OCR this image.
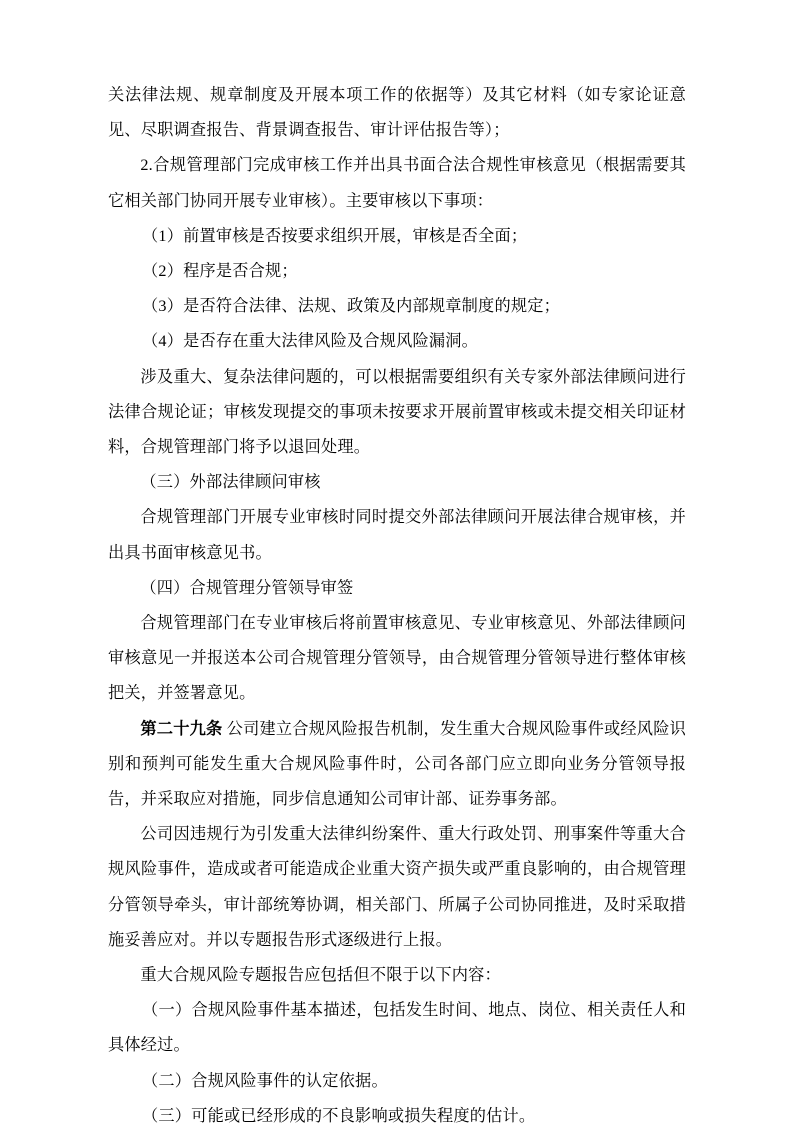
关法律法规、规章制度及开展本项工作的依据等）及其它材料（如专家论证意见、尽职调查报告、背景调查报告、审计评估报告等）；

2.合规管理部门完成审核工作并出具书面合法合规性审核意见（根据需要其它相关部门协同开展专业审核）。主要审核以下事项：

（1）前置审核是否按要求组织开展，审核是否全面；

（2）程序是否合规；

（3）是否符合法律、法规、政策及内部规章制度的规定；

（4）是否存在重大法律风险及合规风险漏洞。

涉及重大、复杂法律问题的，可以根据需要组织有关专家外部法律顾问进行法律合规论证；审核发现提交的事项未按要求开展前置审核或未提交相关印证材料，合规管理部门将予以退回处理。

（三）外部法律顾问审核

合规管理部门开展专业审核时同时提交外部法律顾问开展法律合规审核，并出具书面审核意见书。

（四）合规管理分管领导审签

合规管理部门在专业审核后将前置审核意见、专业审核意见、外部法律顾问审核意见一并报送本公司合规管理分管领导，由合规管理分管领导进行整体审核把关，并签署意见。

第二十九条 公司建立合规风险报告机制，发生重大合规风险事件或经风险识别和预判可能发生重大合规风险事件时，公司各部门应立即向业务分管领导报告，并采取应对措施，同步信息通知公司审计部、证券事务部。

公司因违规行为引发重大法律纠纷案件、重大行政处罚、刑事案件等重大合规风险事件，造成或者可能造成企业重大资产损失或严重良影响的，由合规管理分管领导牵头，审计部统筹协调，相关部门、所属子公司协同推进，及时采取措施妥善应对。并以专题报告形式逐级进行上报。

重大合规风险专题报告应包括但不限于以下内容：

（一）合规风险事件基本描述，包括发生时间、地点、岗位、相关责任人和具体经过。

（二）合规风险事件的认定依据。

（三）可能或已经形成的不良影响或损失程度的估计。
